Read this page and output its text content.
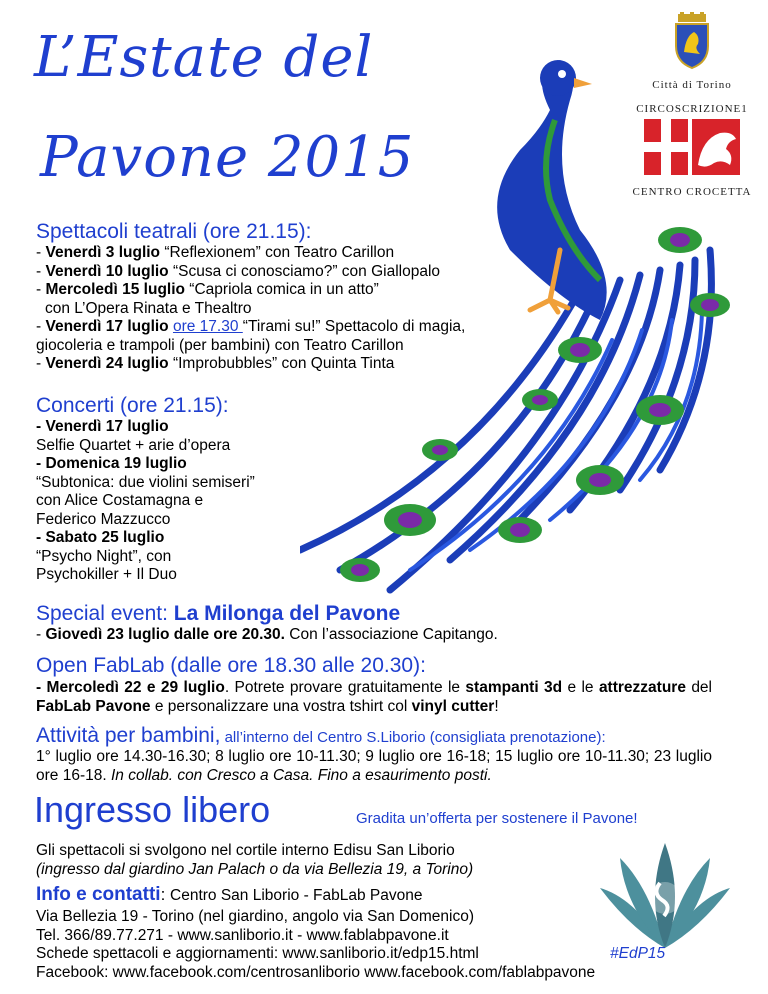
L’Estate del
Pavone 2015
Città di Torino
CIRCOSCRIZIONE1
CENTRO CROCETTA
Spettacoli teatrali (ore 21.15):
- Venerdì 3 luglio “Reflexionem” con Teatro Carillon
- Venerdì 10 luglio “Scusa ci conosciamo?” con Giallopalo
- Mercoledì 15 luglio “Capriola comica in un atto”
con L’Opera Rinata e Thealtro
- Venerdì 17 luglio ore 17.30 “Tirami su!” Spettacolo di magia,
giocoleria e trampoli (per bambini) con Teatro Carillon
- Venerdì 24 luglio “Improbubbles” con Quinta Tinta
Concerti (ore 21.15):
- Venerdì 17 luglio
Selfie Quartet + arie d’opera
- Domenica 19 luglio
“Subtonica: due violini semiseri”
con Alice Costamagna e
Federico Mazzucco
- Sabato 25 luglio
“Psycho Night”, con
Psychokiller + Il Duo
Special event: La Milonga del Pavone
- Giovedì 23 luglio dalle ore 20.30. Con l’associazione Capitango.
Open FabLab (dalle ore 18.30 alle 20.30):
- Mercoledì 22 e 29 luglio. Potrete provare gratuitamente le stampanti 3d e le attrezzature del FabLab Pavone e personalizzare una vostra tshirt col vinyl cutter!
Attività per bambini, all’interno del Centro S.Liborio (consigliata prenotazione):
1° luglio ore 14.30-16.30; 8 luglio ore 10-11.30; 9 luglio ore 16-18; 15 luglio ore 10-11.30; 23 luglio ore 16-18. In collab. con Cresco a Casa. Fino a esaurimento posti.
Ingresso libero	Gradita un’offerta per sostenere il Pavone!
Gli spettacoli si svolgono nel cortile interno Edisu San Liborio
(ingresso dal giardino Jan Palach o da via Bellezia 19, a Torino)
Info e contatti: Centro San Liborio - FabLab Pavone
Via Bellezia 19 - Torino (nel giardino, angolo via San Domenico)
Tel. 366/89.77.271 - www.sanliborio.it - www.fablabpavone.it
Schede spettacoli e aggiornamenti: www.sanliborio.it/edp15.html	#EdP15
Facebook: www.facebook.com/centrosanliborio www.facebook.com/fablabpavone
